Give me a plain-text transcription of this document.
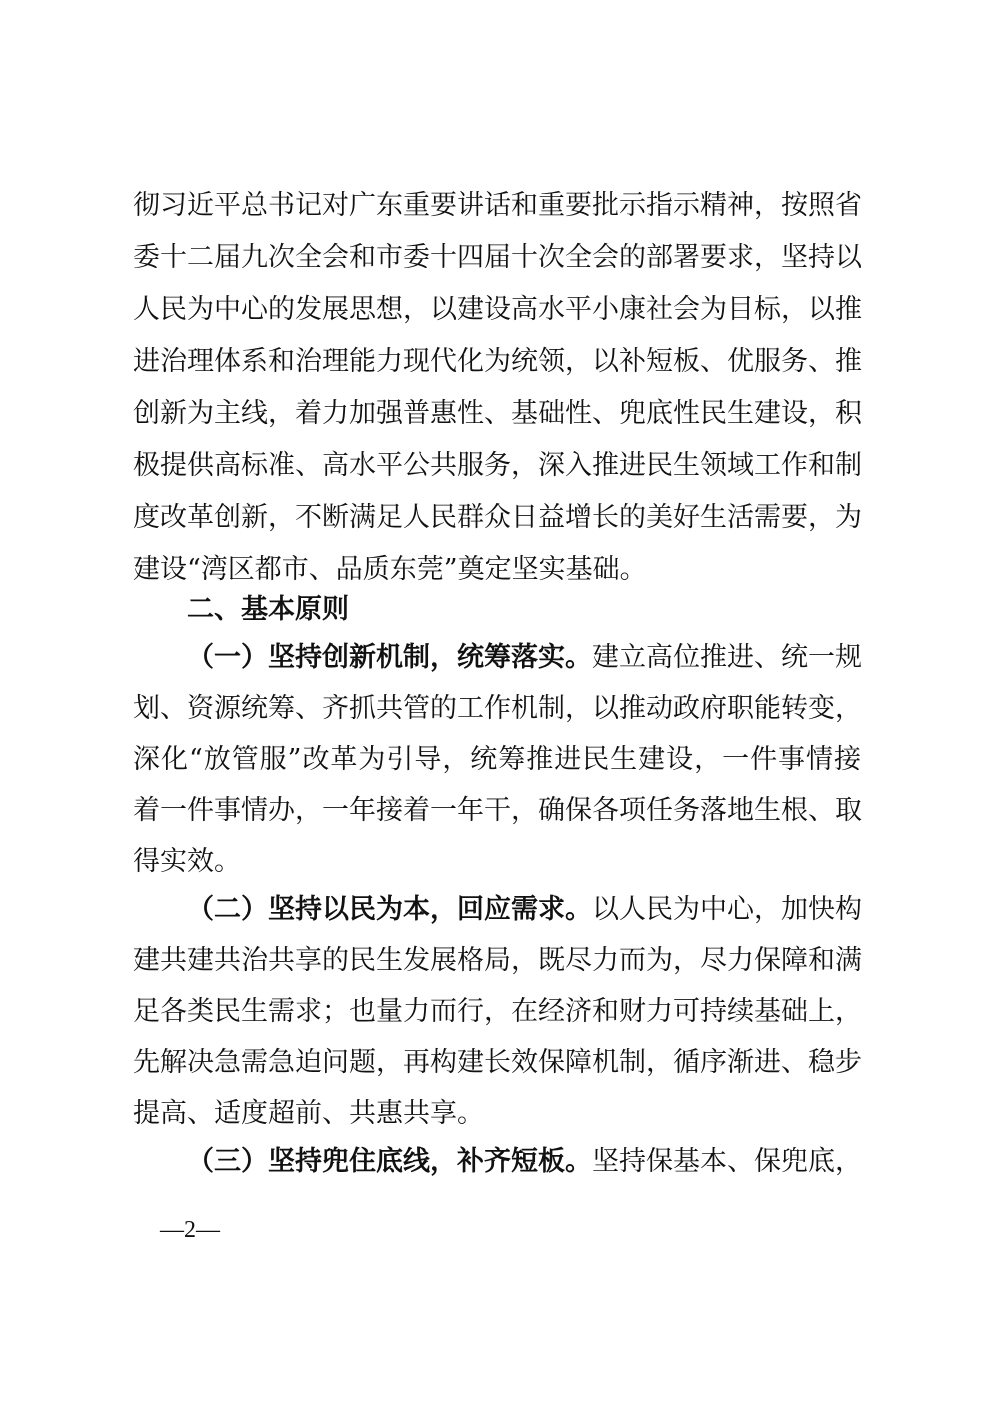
彻习近平总书记对广东重要讲话和重要批示指示精神，按照省
委十二届九次全会和市委十四届十次全会的部署要求，坚持以
人民为中心的发展思想，以建设高水平小康社会为目标，以推
进治理体系和治理能力现代化为统领，以补短板、优服务、推
创新为主线，着力加强普惠性、基础性、兜底性民生建设，积
极提供高标准、高水平公共服务，深入推进民生领域工作和制
度改革创新，不断满足人民群众日益增长的美好生活需要，为
建设“湾区都市、品质东莞”奠定坚实基础。
二、基本原则
（一）坚持创新机制，统筹落实。建立高位推进、统一规
划、资源统筹、齐抓共管的工作机制，以推动政府职能转变，
深化“放管服”改革为引导，统筹推进民生建设，一件事情接
着一件事情办，一年接着一年干，确保各项任务落地生根、取
得实效。
（二）坚持以民为本，回应需求。以人民为中心，加快构
建共建共治共享的民生发展格局，既尽力而为，尽力保障和满
足各类民生需求；也量力而行，在经济和财力可持续基础上，
先解决急需急迫问题，再构建长效保障机制，循序渐进、稳步
提高、适度超前、共惠共享。
（三）坚持兜住底线，补齐短板。坚持保基本、保兜底，
—2—
